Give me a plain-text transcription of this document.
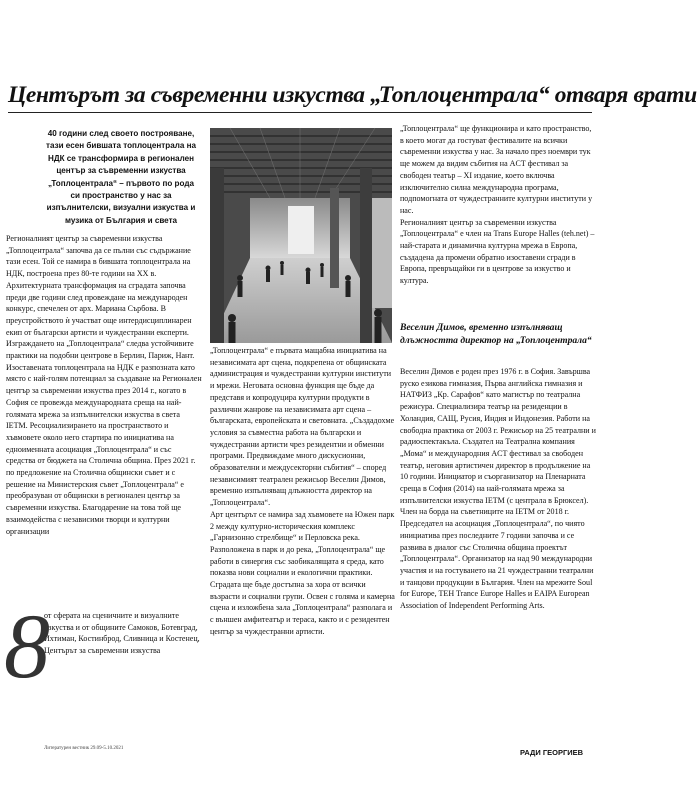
Центърът за съвременни изкуства „Топлоцентрала“ отваря врати
40 години след своето построяване, тази есен бившата топлоцентрала на НДК се трансформира в регионален център за съвременни изкуства „Топлоцентрала“ – първото по рода си пространство у нас за изпълнителски, визуални изкуства и музика от България и света

Регионалният център за съвременни изкуства „Топлоцентрала“ започва да се пълни със съдържание тази есен. Той се намира в бившата топлоцентрала на НДК, построена през 80-те години на XX в. Архитектурната трансформация на сградата започва преди две години след провеждане на международен конкурс, спечелен от арх. Мариана Сърбова. В преустройството ѝ участват още интердисциплинарен екип от български артисти и чуждестранни експерти. Изграждането на „Топлоцентрала“ следва устойчивите практики на подобни центрове в Берлин, Париж, Нант.

Изоставената топлоцентрала на НДК е разпозната като място с най-голям потенциал за създаване на Регионален център за съвременни изкуства през 2014 г., когато в София се провежда международната среща на най-голямата мрежа за изпълнителски изкуства в света IETM. Ресоциализирането на пространството и хъвмовете около него стартира по инициатива на едноименната асоциация „Топлоцентрала“ и със средства от бюджета на Столична община. През 2021 г. по предложение на Столична общински съвет и с решение на Министерския съвет „Топлоцентрала“ е преобразуван от общински в регионален център за съвременни изкуства. Благодарение на това той ще взаимодейства с независими творци и културни организации

от сферата на сценичните и визуалните изкуства и от общините Самоков, Ботевград, Ихтиман, Костинброд, Сливница и Костенец, Центърът за съвременни изкуства
8
Литературен вестник 29.09-5.10.2021

„Топлоцентрала“ е първата мащабна инициатива на независимата арт сцена, подкрепена от общинската администрация и чуждестранни културни институти и мрежи. Неговата основна функция ще бъде да представя и копродуцира културни продукти в различни жанрове на независимата арт сцена – българската, европейската и световната. „Създадохме условия за съвместна работа на български и чуждестранни артисти чрез резидентни и обменни програми. Предвиждаме много дискусионни, образователни и междусекторни събития“ – според независимият театрален режисьор Веселин Димов, временно изпълняващ длъжността директор на „Топлоцентрала“.

Арт центърът се намира зад хъвмовете на Южен парк 2 между културно-историческия комплекс „Гарнизонно стрелбище“ и Перловска река. Разположена в парк и до река, „Топлоцентрала“ ще работи в синергия със заобикалящата я среда, като показва нови социални и екологични практики. Сградата ще бъде достъпна за хора от всички възрасти и социални групи. Освен с голяма и камерна сцена и изложбена зала „Топлоцентрала“ разполага и с външен амфитеатър и тераса, както и с резидентен център за чуждестранни артисти.

„Топлоцентрала“ ще функционира и като пространство, в което могат да гостуват фестивалите на всички съвременни изкуства у нас. За начало през ноември тук ще можем да видим събития на ACT фестивал за свободен театър – XI издание, което включва изключително силна международна програма, подпомогната от чуждестранните културни институти у нас.

Регионалният център за съвременни изкуства „Топлоцентрала“ е член на Trans Europe Halles (teh.net) – най-старата и динамична културна мрежа в Европа, създадена да промени обратно изоставени сгради в Европа, превръщайки ги в центрове за изкуство и култура.

Веселин Димов, временно изпълняващ длъжността директор на „Топлоцентрала“
Веселин Димов е роден през 1976 г. в София. Завършва руско езикова гимназия, Първа английска гимназия и НАТФИЗ „Кр. Сарафов“ като магистър по театрална режисура. Специализира театър на резиденции в Холандия, САЩ, Русия, Индия и Индонезия. Работи на свободна практика от 2003 г. Режисьор на 25 театрални и радиоспектакъла. Създател на Театрална компания „Мома“ и международния ACT фестивал за свободен театър, неговия артистичен директор в продължение на 10 години. Инициатор и съорганизатор на Пленарната среща в София (2014) на най-голямата мрежа за изпълнителски изкуства IETM (с централа в Брюксел). Член на борда на съветниците на IETM от 2018 г. Председател на асоциация „Топлоцентрала“, по чиято инициатива през последните 7 години започва и се развива в диалог със Столична община проектът „Топлоцентрала“. Организатор на над 90 международни участия и на гостуването на 21 чуждестранни театрални и танцови продукции в България. Член на мрежите Soul for Europe, TEH Trance Europe Halles и EAIPA European Association of Independent Performing Arts.
РАДИ ГЕОРГИЕВ
